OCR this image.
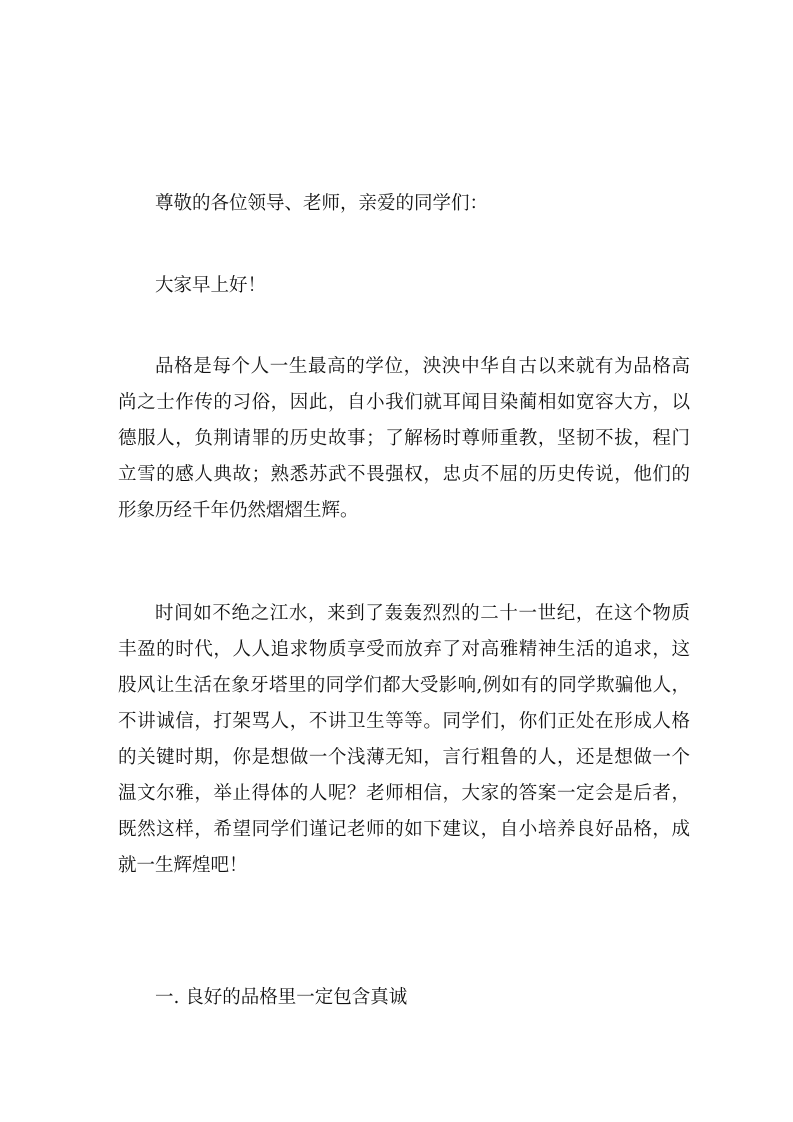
尊敬的各位领导、老师，亲爱的同学们：

大家早上好！

品格是每个人一生最高的学位，泱泱中华自古以来就有为品格高尚之士作传的习俗，因此，自小我们就耳闻目染蔺相如宽容大方，以德服人，负荆请罪的历史故事；了解杨时尊师重教，坚韧不拔，程门立雪的感人典故；熟悉苏武不畏强权，忠贞不屈的历史传说，他们的形象历经千年仍然熠熠生辉。

时间如不绝之江水，来到了轰轰烈烈的二十一世纪，在这个物质丰盈的时代，人人追求物质享受而放弃了对高雅精神生活的追求，这股风让生活在象牙塔里的同学们都大受影响,例如有的同学欺骗他人，不讲诚信，打架骂人，不讲卫生等等。同学们，你们正处在形成人格的关键时期，你是想做一个浅薄无知，言行粗鲁的人，还是想做一个温文尔雅，举止得体的人呢？老师相信，大家的答案一定会是后者，既然这样，希望同学们谨记老师的如下建议，自小培养良好品格，成就一生辉煌吧！

一. 良好的品格里一定包含真诚
